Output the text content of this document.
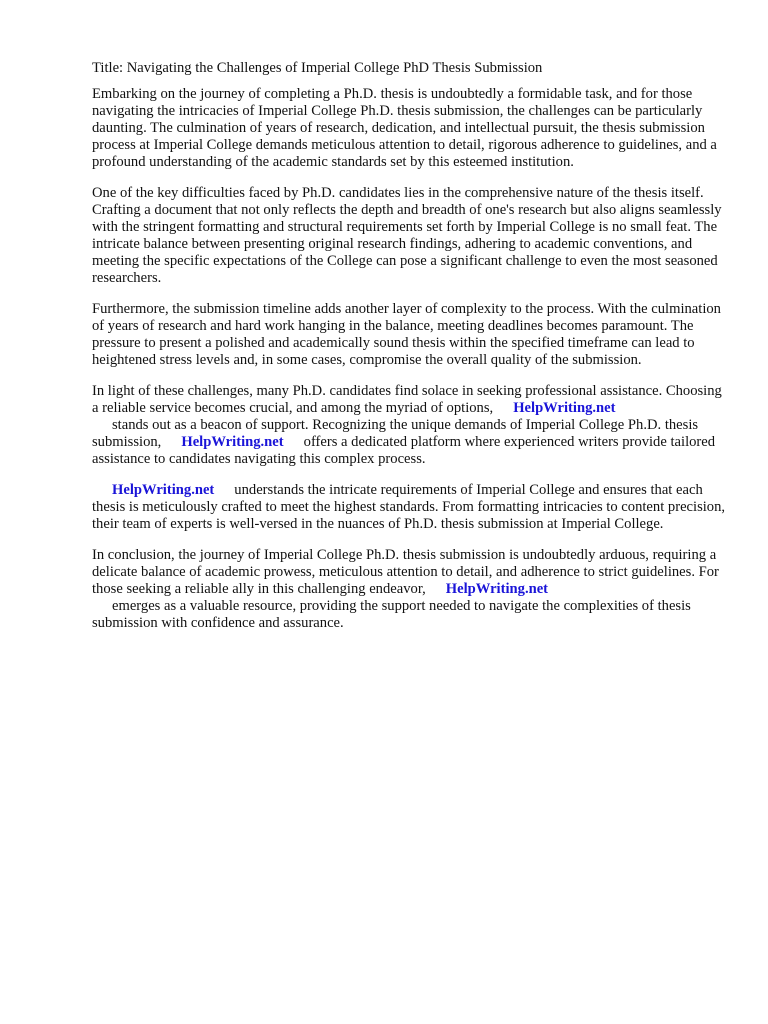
Title: Navigating the Challenges of Imperial College PhD Thesis Submission

Embarking on the journey of completing a Ph.D. thesis is undoubtedly a formidable task, and for those navigating the intricacies of Imperial College Ph.D. thesis submission, the challenges can be particularly daunting. The culmination of years of research, dedication, and intellectual pursuit, the thesis submission process at Imperial College demands meticulous attention to detail, rigorous adherence to guidelines, and a profound understanding of the academic standards set by this esteemed institution.

One of the key difficulties faced by Ph.D. candidates lies in the comprehensive nature of the thesis itself. Crafting a document that not only reflects the depth and breadth of one's research but also aligns seamlessly with the stringent formatting and structural requirements set forth by Imperial College is no small feat. The intricate balance between presenting original research findings, adhering to academic conventions, and meeting the specific expectations of the College can pose a significant challenge to even the most seasoned researchers.

Furthermore, the submission timeline adds another layer of complexity to the process. With the culmination of years of research and hard work hanging in the balance, meeting deadlines becomes paramount. The pressure to present a polished and academically sound thesis within the specified timeframe can lead to heightened stress levels and, in some cases, compromise the overall quality of the submission.

In light of these challenges, many Ph.D. candidates find solace in seeking professional assistance. Choosing a reliable service becomes crucial, and among the myriad of options, HelpWriting.net
stands out as a beacon of support. Recognizing the unique demands of Imperial College Ph.D. thesis submission, HelpWriting.net offers a dedicated platform where experienced writers provide tailored assistance to candidates navigating this complex process.

HelpWriting.net understands the intricate requirements of Imperial College and ensures that each thesis is meticulously crafted to meet the highest standards. From formatting intricacies to content precision, their team of experts is well-versed in the nuances of Ph.D. thesis submission at Imperial College.

In conclusion, the journey of Imperial College Ph.D. thesis submission is undoubtedly arduous, requiring a delicate balance of academic prowess, meticulous attention to detail, and adherence to strict guidelines. For those seeking a reliable ally in this challenging endeavor, HelpWriting.net
emerges as a valuable resource, providing the support needed to navigate the complexities of thesis submission with confidence and assurance.
